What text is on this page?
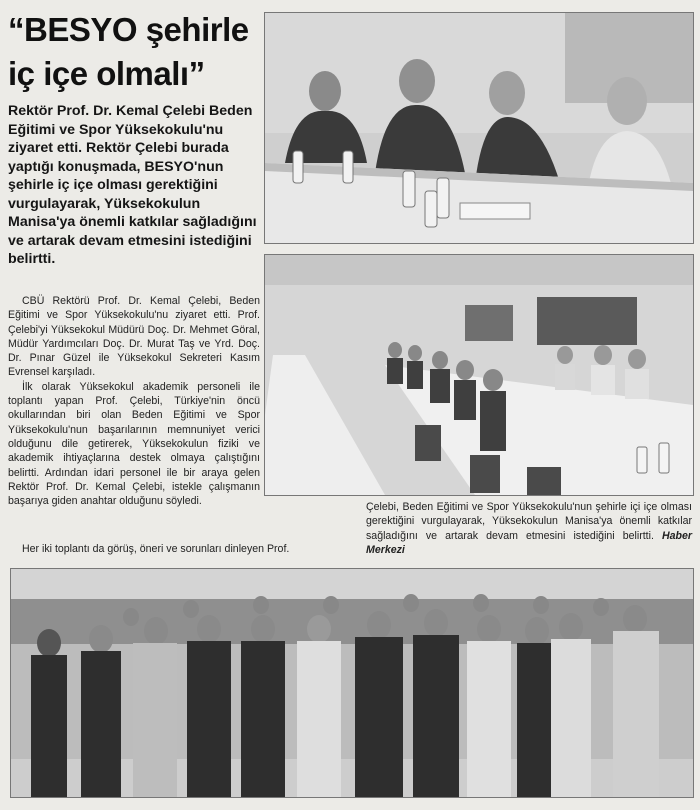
“BESYO şehirle
iç içe olmalı”
Rektör Prof. Dr. Kemal Çelebi Beden Eğitimi ve Spor Yüksekokulu'nu ziyaret etti. Rektör Çelebi burada yaptığı konuşmada, BESYO'nun şehirle iç içe olması gerektiğini vurgulayarak, Yüksekokulun Manisa'ya önemli katkılar sağladığını ve artarak devam etmesini istediğini belirtti.

CBÜ Rektörü Prof. Dr. Kemal Çelebi, Beden Eğitimi ve Spor Yüksekokulu'nu ziyaret etti. Prof. Çelebi'yi Yüksekokul Müdürü Doç. Dr. Mehmet Göral, Müdür Yardımcıları Doç. Dr. Murat Taş ve Yrd. Doç. Dr. Pınar Güzel ile Yüksekokul Sekreteri Kasım Evrensel karşıladı.

İlk olarak Yüksekokul akademik personeli ile toplantı yapan Prof. Çelebi, Türkiye'nin öncü okullarından biri olan Beden Eğitimi ve Spor Yüksekokulu'nun başarılarının memnuniyet verici olduğunu dile getirerek, Yüksekokulun fiziki ve akademik ihtiyaçlarına destek olmaya çalıştığını belirtti. Ardından idari personel ile bir araya gelen Rektör Prof. Dr. Kemal Çelebi, istekle çalışmanın başarıya giden anahtar olduğunu söyledi.

Her iki toplantı da görüş, öneri ve sorunları dinleyen Prof.
Çelebi, Beden Eğitimi ve Spor Yüksekokulu'nun şehirle içi içe olması gerektiğini vurgulayarak, Yüksekokulun Manisa'ya önemli katkılar sağladığını ve artarak devam etmesini istediğini belirtti. Haber Merkezi
